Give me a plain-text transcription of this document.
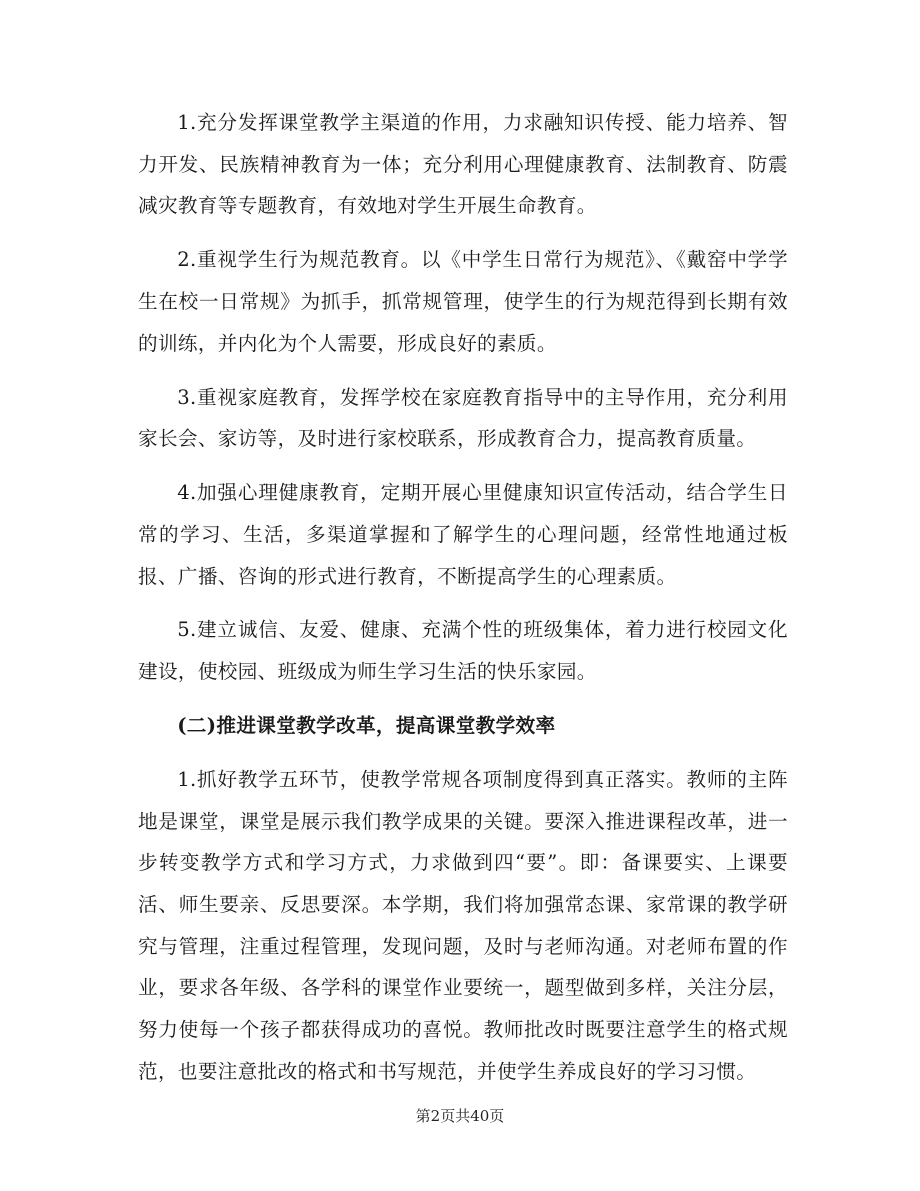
1.充分发挥课堂教学主渠道的作用，力求融知识传授、能力培养、智力开发、民族精神教育为一体；充分利用心理健康教育、法制教育、防震减灾教育等专题教育，有效地对学生开展生命教育。

2.重视学生行为规范教育。以《中学生日常行为规范》、《戴窑中学学生在校一日常规》为抓手，抓常规管理，使学生的行为规范得到长期有效的训练，并内化为个人需要，形成良好的素质。

3.重视家庭教育，发挥学校在家庭教育指导中的主导作用，充分利用家长会、家访等，及时进行家校联系，形成教育合力，提高教育质量。

4.加强心理健康教育，定期开展心里健康知识宣传活动，结合学生日常的学习、生活，多渠道掌握和了解学生的心理问题，经常性地通过板报、广播、咨询的形式进行教育，不断提高学生的心理素质。

5.建立诚信、友爱、健康、充满个性的班级集体，着力进行校园文化建设，使校园、班级成为师生学习生活的快乐家园。

(二)推进课堂教学改革，提高课堂教学效率

1.抓好教学五环节，使教学常规各项制度得到真正落实。教师的主阵地是课堂，课堂是展示我们教学成果的关键。要深入推进课程改革，进一步转变教学方式和学习方式，力求做到四“要”。即：备课要实、上课要活、师生要亲、反思要深。本学期，我们将加强常态课、家常课的教学研究与管理，注重过程管理，发现问题，及时与老师沟通。对老师布置的作业，要求各年级、各学科的课堂作业要统一，题型做到多样，关注分层，努力使每一个孩子都获得成功的喜悦。教师批改时既要注意学生的格式规范，也要注意批改的格式和书写规范，并使学生养成良好的学习习惯。

第2页共40页
